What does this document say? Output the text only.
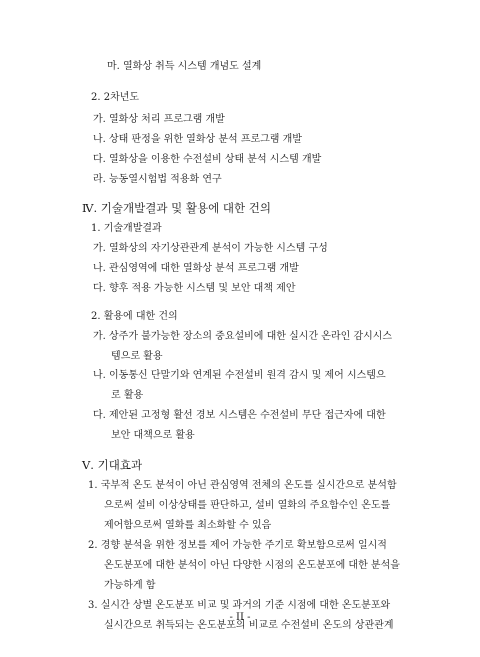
- II -
마. 열화상 취득 시스템 개념도 설계
2. 2차년도
가. 열화상 처리 프로그램 개발
나. 상태 판정을 위한 열화상 분석 프로그램 개발
다. 열화상을 이용한 수전설비 상태 분석 시스템 개발
라. 능동열시험법 적용화 연구
Ⅳ. 기술개발결과 및 활용에 대한 건의
1. 기술개발결과
가. 열화상의 자기상관관계 분석이 가능한 시스템 구성
나. 관심영역에 대한 열화상 분석 프로그램 개발
다. 향후 적용 가능한 시스템 및 보안 대책 제안
2. 활용에 대한 건의
가. 상주가 불가능한 장소의 중요설비에 대한 실시간 온라인 감시시스
템으로 활용
나. 이동통신 단말기와 연계된 수전설비 원격 감시 및 제어 시스템으
로 활용
다. 제안된 고정형 활선 경보 시스템은 수전설비 무단 접근자에 대한
보안 대책으로 활용
Ⅴ. 기대효과
1. 국부적 온도 분석이 아닌 관심영역 전체의 온도를 실시간으로 분석함
으로써 설비 이상상태를 판단하고, 설비 열화의 주요함수인 온도를
제어함으로써 열화를 최소화할 수 있음
2. 경향 분석을 위한 정보를 제어 가능한 주기로 확보함으로써 일시적
온도분포에 대한 분석이 아닌 다양한 시점의 온도분포에 대한 분석을
가능하게 함
3. 실시간 상별 온도분포 비교 및 과거의 기준 시점에 대한 온도분포와
실시간으로 취득되는 온도분포의 비교로 수전설비 온도의 상관관계
